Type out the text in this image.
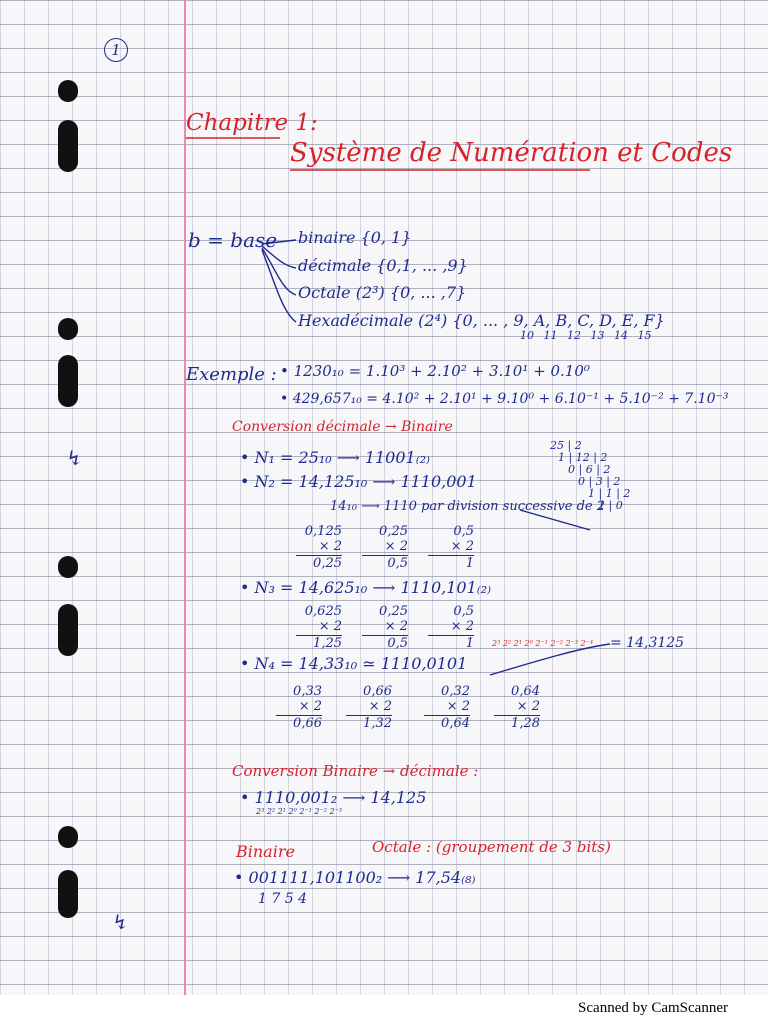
1
Chapitre 1:
Système de Numération et Codes
b = base binaire {0, 1}
décimale {0,1, ... ,9}
Octale (2³) {0, ... ,7}
Hexadécimale (2⁴) {0, ... , 9, A, B, C, D, E, F}
10 11 12 13 14 15
Exemple : • 1230₁₀ = 1.10³ + 2.10² + 3.10¹ + 0.10⁰
• 429,657₁₀ = 4.10² + 2.10¹ + 9.10⁰ + 6.10⁻¹ + 5.10⁻² + 7.10⁻³
Conversion décimale → Binaire
• N₁ = 25₁₀ ⟶ 11001₍₂₎
25 | 2
1 | 12 | 2
0 | 6 | 2
0 | 3 | 2
1 | 1 | 2
1 | 0
• N₂ = 14,125₁₀ ⟶ 1110,001
14₁₀ ⟶ 1110 par division successive de 2
0,125
× 2
0,25
0,25
× 2
0,5
0,5
× 2
1
• N₃ = 14,625₁₀ ⟶ 1110,101₍₂₎
0,625
× 2
1,25
0,25
× 2
0,5
0,5
× 2
1 2³ 2² 2¹ 2⁰ 2⁻¹ 2⁻² 2⁻³ 2⁻⁴
• N₄ = 14,33₁₀ ≃ 1110,0101
= 14,3125
0,33
× 2
0,66
0,66
× 2
1,32
0,32
× 2
0,64
0,64
× 2
1,28
Conversion Binaire → décimale :
• 1110,001₂ ⟶ 14,125
2³ 2² 2¹ 2⁰ 2⁻¹ 2⁻² 2⁻³
Binaire	Octale : (groupement de 3 bits)
• 001111,101100₂ ⟶ 17,54₍₈₎
1 7 5 4
↯
↯
Scanned by CamScanner
